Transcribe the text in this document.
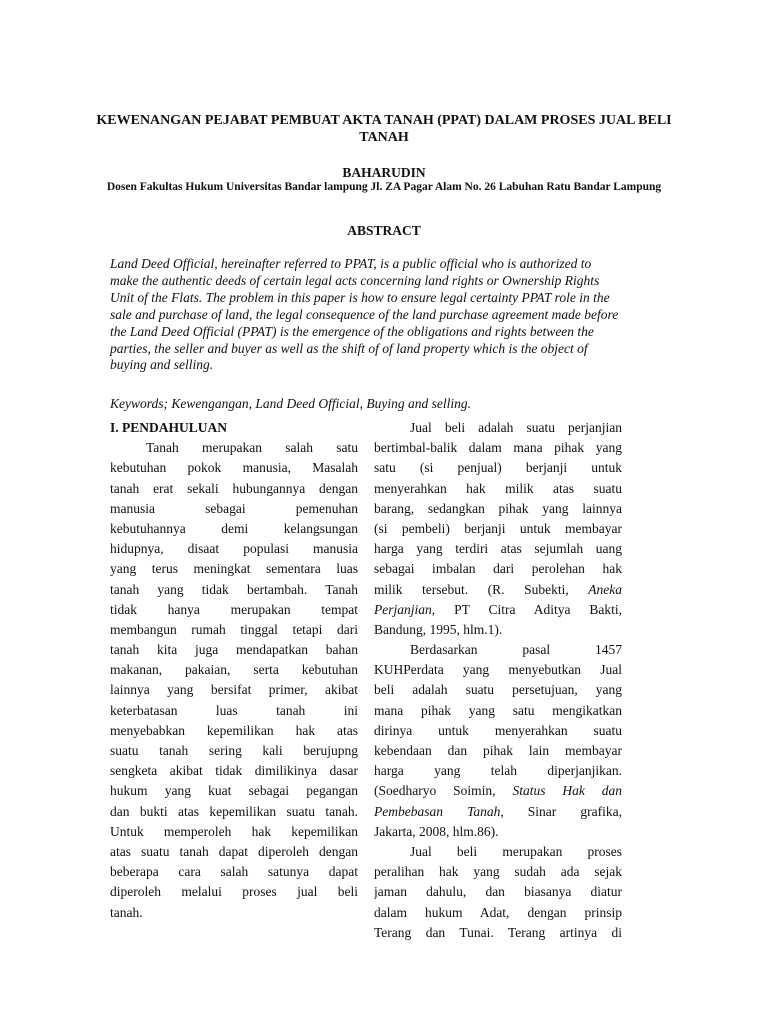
KEWENANGAN PEJABAT PEMBUAT AKTA TANAH (PPAT) DALAM PROSES JUAL BELI TANAH
BAHARUDIN
Dosen Fakultas Hukum Universitas Bandar lampung Jl. ZA Pagar Alam No. 26 Labuhan Ratu Bandar Lampung
ABSTRACT
Land Deed Official, hereinafter referred to PPAT, is a public official who is authorized to make the authentic deeds of certain legal acts concerning land rights or Ownership Rights Unit of the Flats. The problem in this paper is how to ensure legal certainty PPAT role in the sale and purchase of land, the legal consequence of the land purchase agreement made before the Land Deed Official (PPAT) is the emergence of the obligations and rights between the parties, the seller and buyer as well as the shift of of land property which is the object of buying and selling.
Keywords; Kewengangan, Land Deed Official, Buying and selling.
I. PENDAHULUAN
Tanah merupakan salah satu
kebutuhan pokok manusia, Masalah
tanah erat sekali hubungannya dengan
manusia sebagai pemenuhan
kebutuhannya demi kelangsungan
hidupnya, disaat populasi manusia
yang terus meningkat sementara luas
tanah yang tidak bertambah. Tanah
tidak hanya merupakan tempat
membangun rumah tinggal tetapi dari
tanah kita juga mendapatkan bahan
makanan, pakaian, serta kebutuhan
lainnya yang bersifat primer, akibat
keterbatasan luas tanah ini
menyebabkan kepemilikan hak atas
suatu tanah sering kali berujupng
sengketa akibat tidak dimilikinya dasar
hukum yang kuat sebagai pegangan
dan bukti atas kepemilikan suatu tanah.
Untuk memperoleh hak kepemilikan
atas suatu tanah dapat diperoleh dengan
beberapa cara salah satunya dapat
diperoleh melalui proses jual beli
tanah.
Jual beli adalah suatu perjanjian
bertimbal-balik dalam mana pihak yang
satu (si penjual) berjanji untuk
menyerahkan hak milik atas suatu
barang, sedangkan pihak yang lainnya
(si pembeli) berjanji untuk membayar
harga yang terdiri atas sejumlah uang
sebagai imbalan dari perolehan hak
milik tersebut. (R. Subekti, Aneka
Perjanjian, PT Citra Aditya Bakti,
Bandung, 1995, hlm.1).
Berdasarkan pasal 1457
KUHPerdata yang menyebutkan Jual
beli adalah suatu persetujuan, yang
mana pihak yang satu mengikatkan
dirinya untuk menyerahkan suatu
kebendaan dan pihak lain membayar
harga yang telah diperjanjikan.
(Soedharyo Soimin, Status Hak dan
Pembebasan Tanah, Sinar grafika,
Jakarta, 2008, hlm.86).
Jual beli merupakan proses
peralihan hak yang sudah ada sejak
jaman dahulu, dan biasanya diatur
dalam hukum Adat, dengan prinsip
Terang dan Tunai. Terang artinya di
